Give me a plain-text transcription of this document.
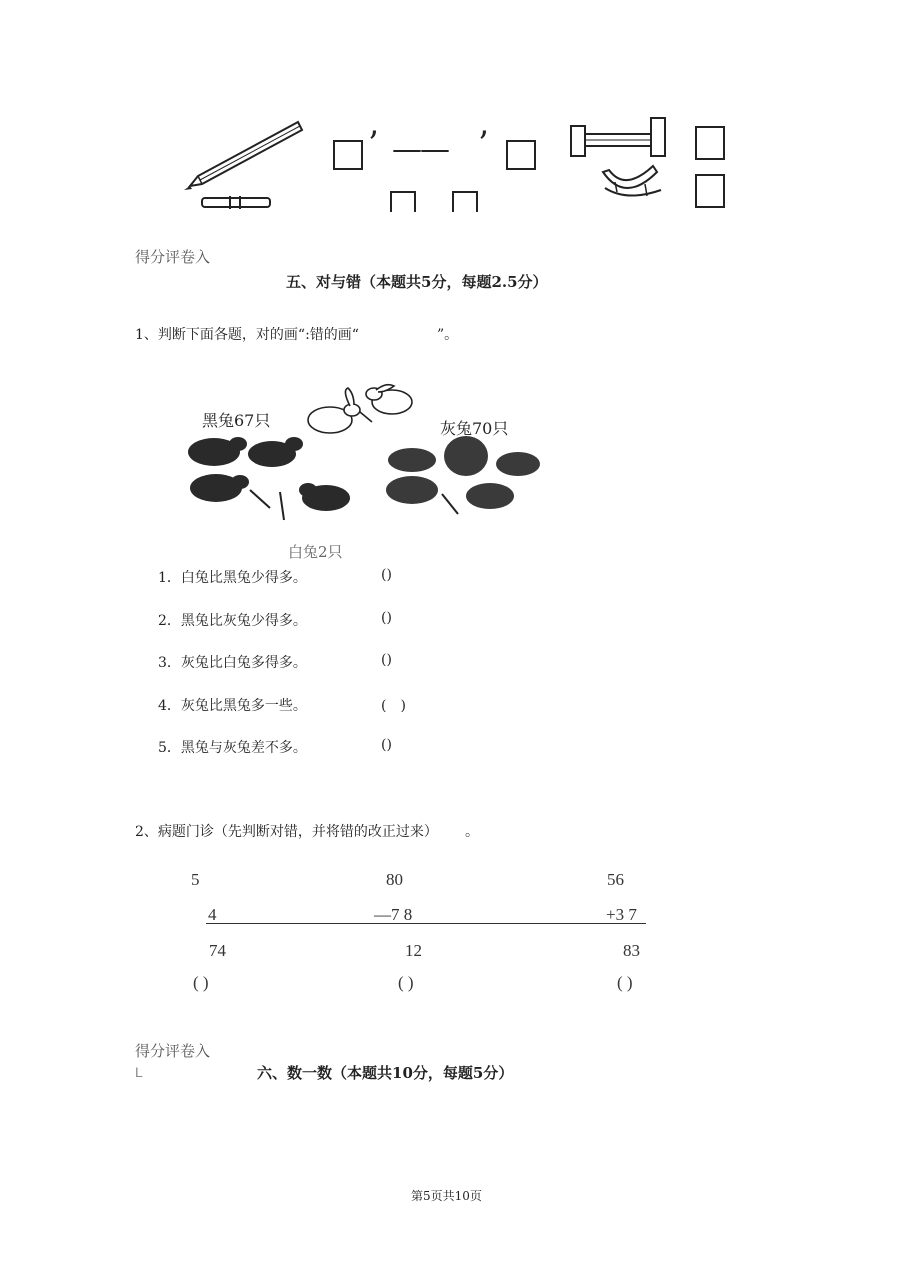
’ —— ’
得分评卷入
五、对与错（本题共5分，每题2.5分）
1、判断下面各题，对的画“:错的画“	”。
黑兔67只	灰兔70只
白兔2只
1．白兔比黑兔少得多。	()
2．黑兔比灰兔少得多。	()
3．灰兔比白兔多得多。	()
4．灰兔比黑兔多一些。	(　)
5．黑兔与灰兔差不多。	()
2、病题门诊（先判断对错，并将错的改正过来） 。
5	80	56
4	—7 8	+3 7
74	12	83
( )	( )	( )
得分评卷入
L	六、数一数（本题共10分，每题5分）
第5页共10页
